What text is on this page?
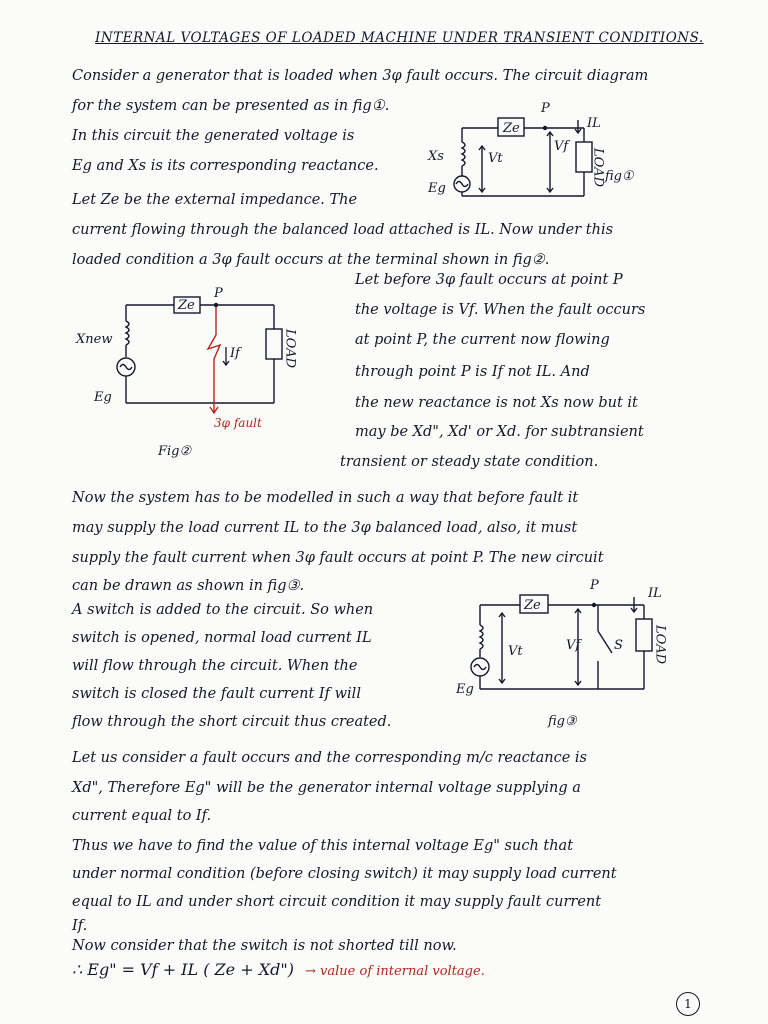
INTERNAL VOLTAGES OF LOADED MACHINE UNDER TRANSIENT CONDITIONS.
Consider a generator that is loaded when 3φ fault occurs. The circuit diagram
for the system can be presented as in fig①.
In this circuit the generated voltage is
Eg and Xs is its corresponding reactance.
Let Ze be the external impedance. The
current flowing through the balanced load attached is IL. Now under this
loaded condition a 3φ fault occurs at the terminal shown in fig②.
Ze
P
IL
LOAD
Xs	Vt
Vf
Eg
fig①
Ze
P
If	LOAD
Xnew
Eg
3φ fault
Fig②
Let before 3φ fault occurs at point P
the voltage is Vf. When the fault occurs
at point P, the current now flowing
through point P is If not IL. And
the new reactance is not Xs now but it
may be Xd", Xd' or Xd. for subtransient
transient or steady state condition.
Now the system has to be modelled in such a way that before fault it
may supply the load current IL to the 3φ balanced load, also, it must
supply the fault current when 3φ fault occurs at point P. The new circuit
can be drawn as shown in fig③.
A switch is added to the circuit. So when
switch is opened, normal load current IL
will flow through the circuit. When the
switch is closed the fault current If will
flow through the short circuit thus created.
Ze
P
IL
LOAD
Vt	Vf	S
Eg
fig③
Let us consider a fault occurs and the corresponding m/c reactance is
Xd", Therefore Eg" will be the generator internal voltage supplying a
current equal to If.
Thus we have to find the value of this internal voltage Eg" such that
under normal condition (before closing switch) it may supply load current
equal to IL and under short circuit condition it may supply fault current
If.
Now consider that the switch is not shorted till now.
∴ Eg" = Vf + IL ( Ze + Xd") → value of internal voltage.
1
